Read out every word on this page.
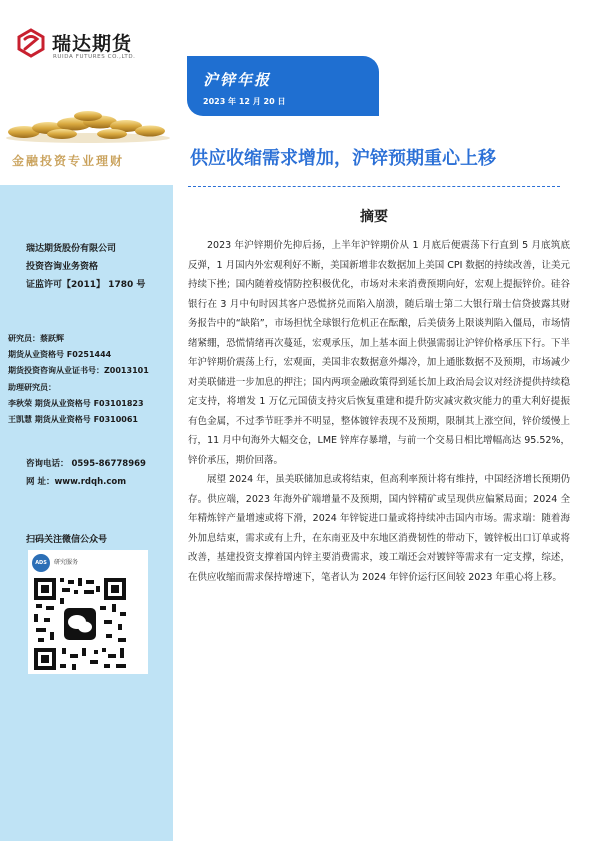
瑞达期货
RUIDA FUTURES CO.,LTD.
金融投资专业理财
瑞达期货股份有限公司
投资咨询业务资格
证监许可【2011】 1780 号
研究员：蔡跃辉
期货从业资格号 F0251444
期货投资咨询从业证书号：Z0013101
助理研究员：
李秋荣 期货从业资格号 F03101823
王凯慧 期货从业资格号 F0310061
咨询电话： 0595-86778969
网 址：www.rdqh.com
扫码关注微信公众号
ADS	研究服务
沪锌年报
2023 年 12 月 20 日
供应收缩需求增加，沪锌预期重心上移
摘要

2023 年沪锌期价先抑后扬，上半年沪锌期价从 1 月底后便震荡下行直到 5 月底筑底反弹，1 月国内外宏观利好不断，美国新增非农数据加上美国 CPI 数据的持续改善，让美元持续下挫；国内随着疫情防控积极优化，市场对未来消费预期向好，宏观上提振锌价。硅谷银行在 3 月中旬时因其客户恐慌挤兑而陷入崩溃，随后瑞士第二大银行瑞士信贷披露其财务报告中的“缺陷”，市场担忧全球银行危机正在酝酿，后美债务上限谈判陷入僵局，市场情绪紧绷，恐慌情绪再次蔓延，宏观承压，加上基本面上供强需弱让沪锌价格承压下行。下半年沪锌期价震荡上行，宏观面，美国非农数据意外爆冷，加上通胀数据不及预期，市场减少对美联储进一步加息的押注；国内两项金融政策得到延长加上政治局会议对经济提供持续稳定支持，将增发 1 万亿元国债支持灾后恢复重建和提升防灾减灾救灾能力的重大利好提振有色金属，不过季节旺季并不明显，整体镀锌表现不及预期，限制其上涨空间，锌价缓慢上行，11 月中旬海外大幅交仓，LME 锌库存暴增，与前一个交易日相比增幅高达 95.52%，锌价承压，期价回落。

展望 2024 年，虽美联储加息或将结束，但高利率预计将有维持，中国经济增长预期仍存。供应端，2023 年海外矿端增量不及预期，国内锌精矿或呈现供应偏紧局面；2024 全年精炼锌产量增速或将下滑，2024 年锌锭进口量或将持续冲击国内市场。需求端：随着海外加息结束，需求或有上升，在东南亚及中东地区消费韧性的带动下，镀锌板出口订单或将改善，基建投资支撑着国内锌主要消费需求，竣工端还会对镀锌等需求有一定支撑，综述，在供应收缩而需求保持增速下，笔者认为 2024 年锌价运行区间较 2023 年重心将上移。
